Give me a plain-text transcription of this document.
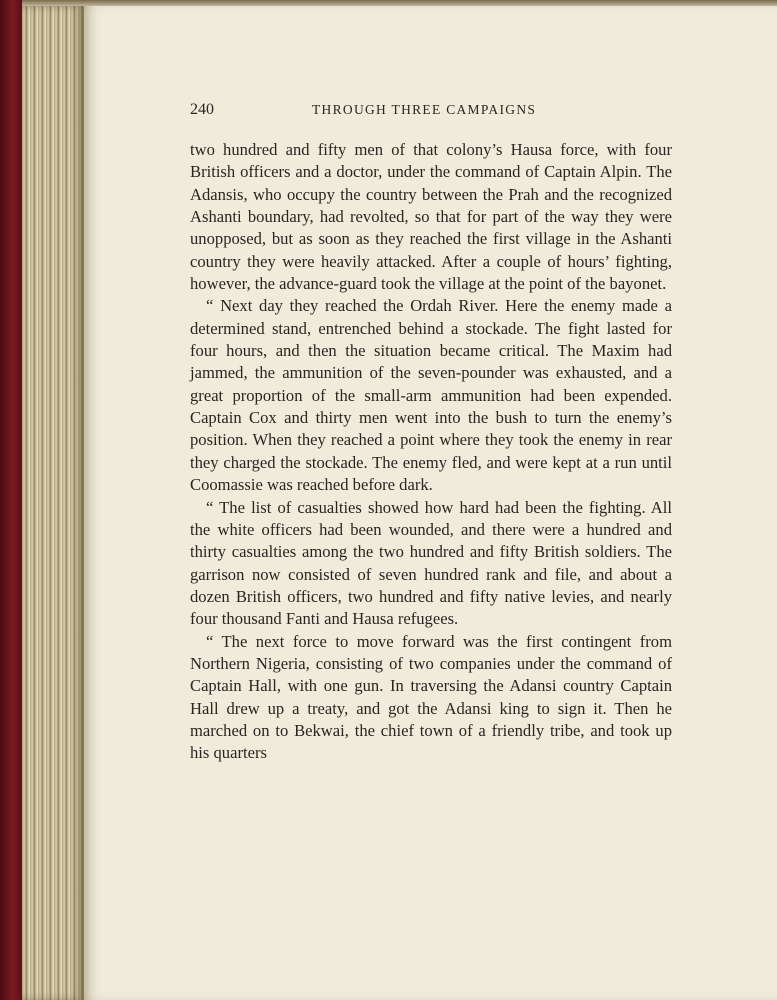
240	THROUGH THREE CAMPAIGNS

two hundred and fifty men of that colony’s Hausa force, with four British officers and a doctor, under the command of Captain Alpin. The Adansis, who occupy the country between the Prah and the recognized Ashanti boundary, had revolted, so that for part of the way they were unopposed, but as soon as they reached the first village in the Ashanti country they were heavily attacked. After a couple of hours’ fighting, however, the advance-guard took the village at the point of the bayonet.

“ Next day they reached the Ordah River. Here the enemy made a determined stand, entrenched behind a stockade. The fight lasted for four hours, and then the situation became critical. The Maxim had jammed, the ammunition of the seven-pounder was exhausted, and a great proportion of the small-arm ammunition had been expended. Captain Cox and thirty men went into the bush to turn the enemy’s position. When they reached a point where they took the enemy in rear they charged the stockade. The enemy fled, and were kept at a run until Coomassie was reached before dark.

“ The list of casualties showed how hard had been the fighting. All the white officers had been wounded, and there were a hundred and thirty casualties among the two hundred and fifty British soldiers. The garrison now consisted of seven hundred rank and file, and about a dozen British officers, two hundred and fifty native levies, and nearly four thousand Fanti and Hausa refugees.

“ The next force to move forward was the first contingent from Northern Nigeria, consisting of two companies under the command of Captain Hall, with one gun. In traversing the Adansi country Captain Hall drew up a treaty, and got the Adansi king to sign it. Then he marched on to Bekwai, the chief town of a friendly tribe, and took up his quarters
